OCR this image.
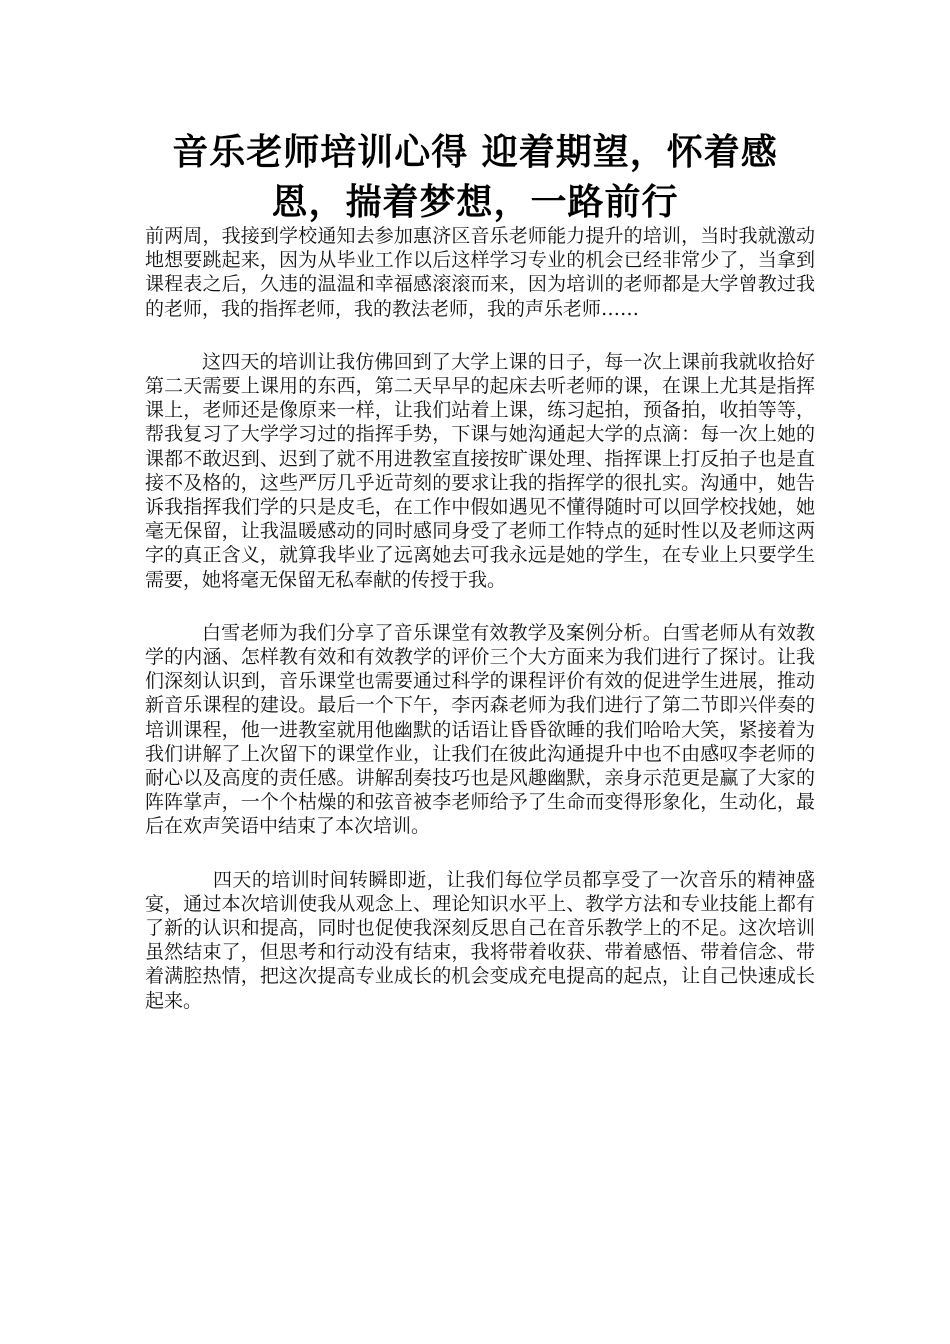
音乐老师培训心得 迎着期望，怀着感恩，揣着梦想，一路前行

前两周，我接到学校通知去参加惠济区音乐老师能力提升的培训，当时我就激动地想要跳起来，因为从毕业工作以后这样学习专业的机会已经非常少了，当拿到课程表之后，久违的温温和幸福感滚滚而来，因为培训的老师都是大学曾教过我的老师，我的指挥老师，我的教法老师，我的声乐老师……

这四天的培训让我仿佛回到了大学上课的日子，每一次上课前我就收拾好第二天需要上课用的东西，第二天早早的起床去听老师的课，在课上尤其是指挥课上，老师还是像原来一样，让我们站着上课，练习起拍，预备拍，收拍等等，帮我复习了大学学习过的指挥手势，下课与她沟通起大学的点滴：每一次上她的课都不敢迟到、迟到了就不用进教室直接按旷课处理、指挥课上打反拍子也是直接不及格的，这些严厉几乎近苛刻的要求让我的指挥学的很扎实。沟通中，她告诉我指挥我们学的只是皮毛，在工作中假如遇见不懂得随时可以回学校找她，她毫无保留，让我温暖感动的同时感同身受了老师工作特点的延时性以及老师这两字的真正含义，就算我毕业了远离她去可我永远是她的学生，在专业上只要学生需要，她将毫无保留无私奉献的传授于我。

白雪老师为我们分享了音乐课堂有效教学及案例分析。白雪老师从有效教学的内涵、怎样教有效和有效教学的评价三个大方面来为我们进行了探讨。让我们深刻认识到，音乐课堂也需要通过科学的课程评价有效的促进学生进展，推动新音乐课程的建设。最后一个下午，李丙森老师为我们进行了第二节即兴伴奏的培训课程，他一进教室就用他幽默的话语让昏昏欲睡的我们哈哈大笑，紧接着为我们讲解了上次留下的课堂作业，让我们在彼此沟通提升中也不由感叹李老师的耐心以及高度的责任感。讲解刮奏技巧也是风趣幽默，亲身示范更是赢了大家的阵阵掌声，一个个枯燥的和弦音被李老师给予了生命而变得形象化，生动化，最后在欢声笑语中结束了本次培训。

四天的培训时间转瞬即逝，让我们每位学员都享受了一次音乐的精神盛宴，通过本次培训使我从观念上、理论知识水平上、教学方法和专业技能上都有了新的认识和提高，同时也促使我深刻反思自己在音乐教学上的不足。这次培训虽然结束了，但思考和行动没有结束，我将带着收获、带着感悟、带着信念、带着满腔热情，把这次提高专业成长的机会变成充电提高的起点，让自己快速成长起来。
